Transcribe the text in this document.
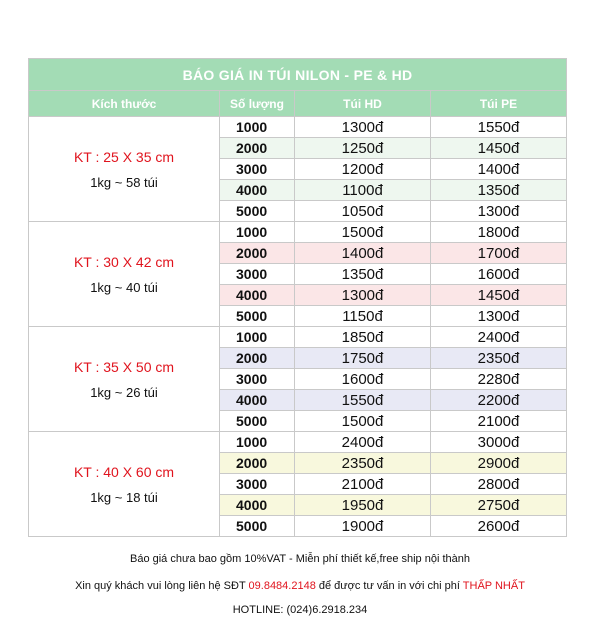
BÁO GIÁ IN TÚI NILON - PE & HD			
Kích thước	Số lượng	Túi HD	Túi PE

KT : 25 X 35 cm
1kg ~ 58 túi	1000	1300đ	1550đ
	2000	1250đ	1450đ
	3000	1200đ	1400đ
	4000	1100đ	1350đ
	5000	1050đ	1300đ

KT : 30 X 42 cm
1kg ~ 40 túi	1000	1500đ	1800đ
	2000	1400đ	1700đ
	3000	1350đ	1600đ
	4000	1300đ	1450đ
	5000	1150đ	1300đ

KT : 35 X 50 cm
1kg ~ 26 túi	1000	1850đ	2400đ
	2000	1750đ	2350đ
	3000	1600đ	2280đ
	4000	1550đ	2200đ
	5000	1500đ	2100đ

KT : 40 X 60 cm
1kg ~ 18 túi	1000	2400đ	3000đ
	2000	2350đ	2900đ
	3000	2100đ	2800đ
	4000	1950đ	2750đ
	5000	1900đ	2600đ
Báo giá chưa bao gồm 10%VAT - Miễn phí thiết kế,free ship nội thành
Xin quý khách vui lòng liên hệ SĐT 09.8484.2148 để được tư vấn in với chi phí THẤP NHẤT
HOTLINE: (024)6.2918.234
